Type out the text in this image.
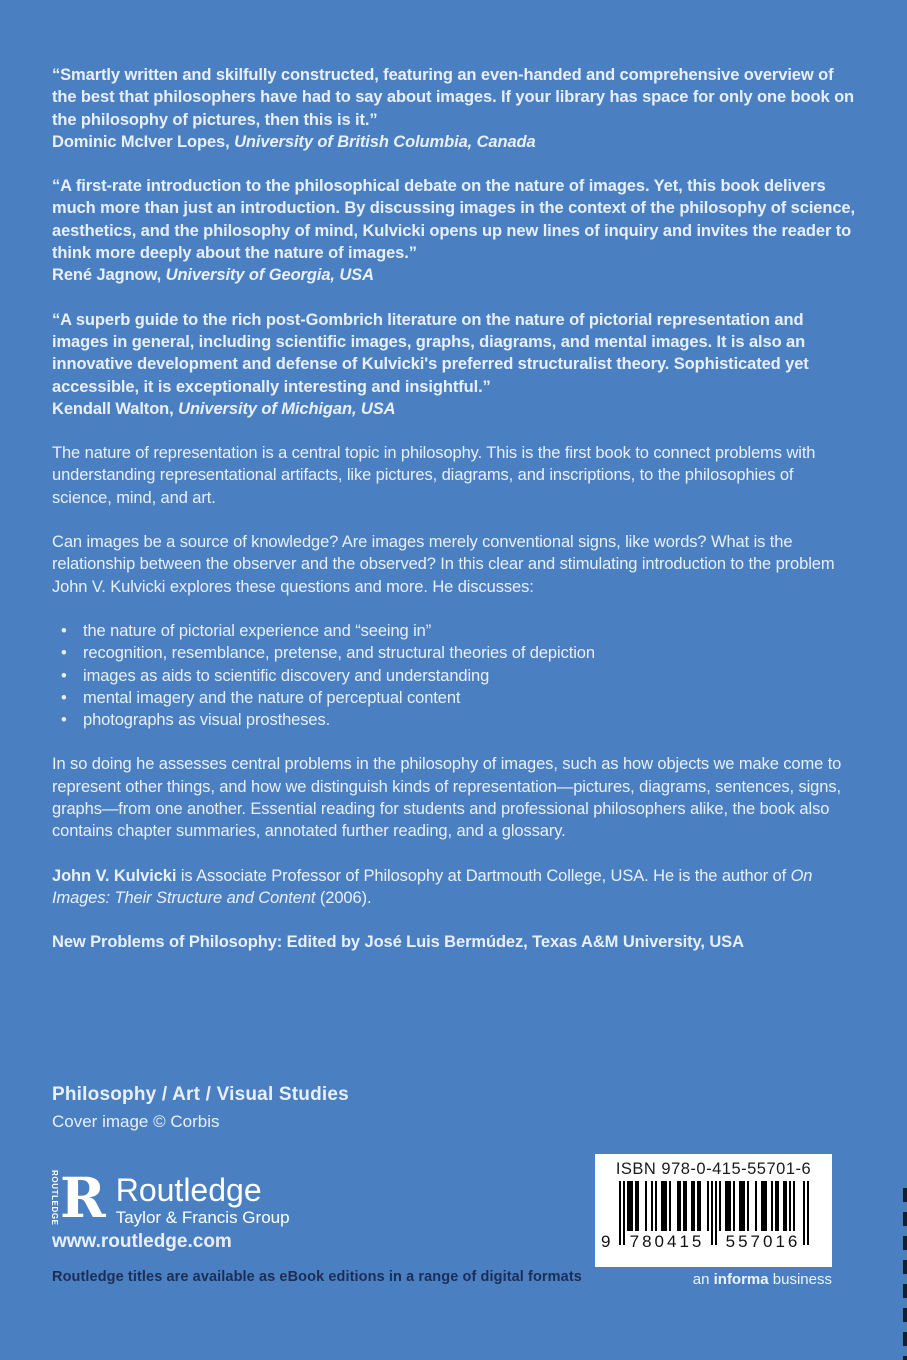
“Smartly written and skilfully constructed, featuring an even-handed and comprehensive overview of the best that philosophers have had to say about images. If your library has space for only one book on the philosophy of pictures, then this is it.”

Dominic McIver Lopes, University of British Columbia, Canada

“A first-rate introduction to the philosophical debate on the nature of images. Yet, this book delivers much more than just an introduction. By discussing images in the context of the philosophy of science, aesthetics, and the philosophy of mind, Kulvicki opens up new lines of inquiry and invites the reader to think more deeply about the nature of images.”

René Jagnow, University of Georgia, USA

“A superb guide to the rich post-Gombrich literature on the nature of pictorial representation and images in general, including scientific images, graphs, diagrams, and mental images. It is also an innovative development and defense of Kulvicki's preferred structuralist theory. Sophisticated yet accessible, it is exceptionally interesting and insightful.”

Kendall Walton, University of Michigan, USA

The nature of representation is a central topic in philosophy. This is the first book to connect problems with understanding representational artifacts, like pictures, diagrams, and inscriptions, to the philosophies of science, mind, and art.

Can images be a source of knowledge? Are images merely conventional signs, like words? What is the relationship between the observer and the observed? In this clear and stimulating introduction to the problem John V. Kulvicki explores these questions and more. He discusses:

• the nature of pictorial experience and “seeing in”
• recognition, resemblance, pretense, and structural theories of depiction
• images as aids to scientific discovery and understanding
• mental imagery and the nature of perceptual content
• photographs as visual prostheses.

In so doing he assesses central problems in the philosophy of images, such as how objects we make come to represent other things, and how we distinguish kinds of representation—pictures, diagrams, sentences, signs, graphs—from one another. Essential reading for students and professional philosophers alike, the book also contains chapter summaries, annotated further reading, and a glossary.

John V. Kulvicki is Associate Professor of Philosophy at Dartmouth College, USA. He is the author of On Images: Their Structure and Content (2006).

New Problems of Philosophy: Edited by José Luis Bermúdez, Texas A&M University, USA

Philosophy / Art / Visual Studies
Cover image © Corbis
ROUTLEDGE R Routledge
Taylor & Francis Group
www.routledge.com
Routledge titles are available as eBook editions in a range of digital formats
ISBN 978-0-415-55701-6
9	780415	557016
an informa business
